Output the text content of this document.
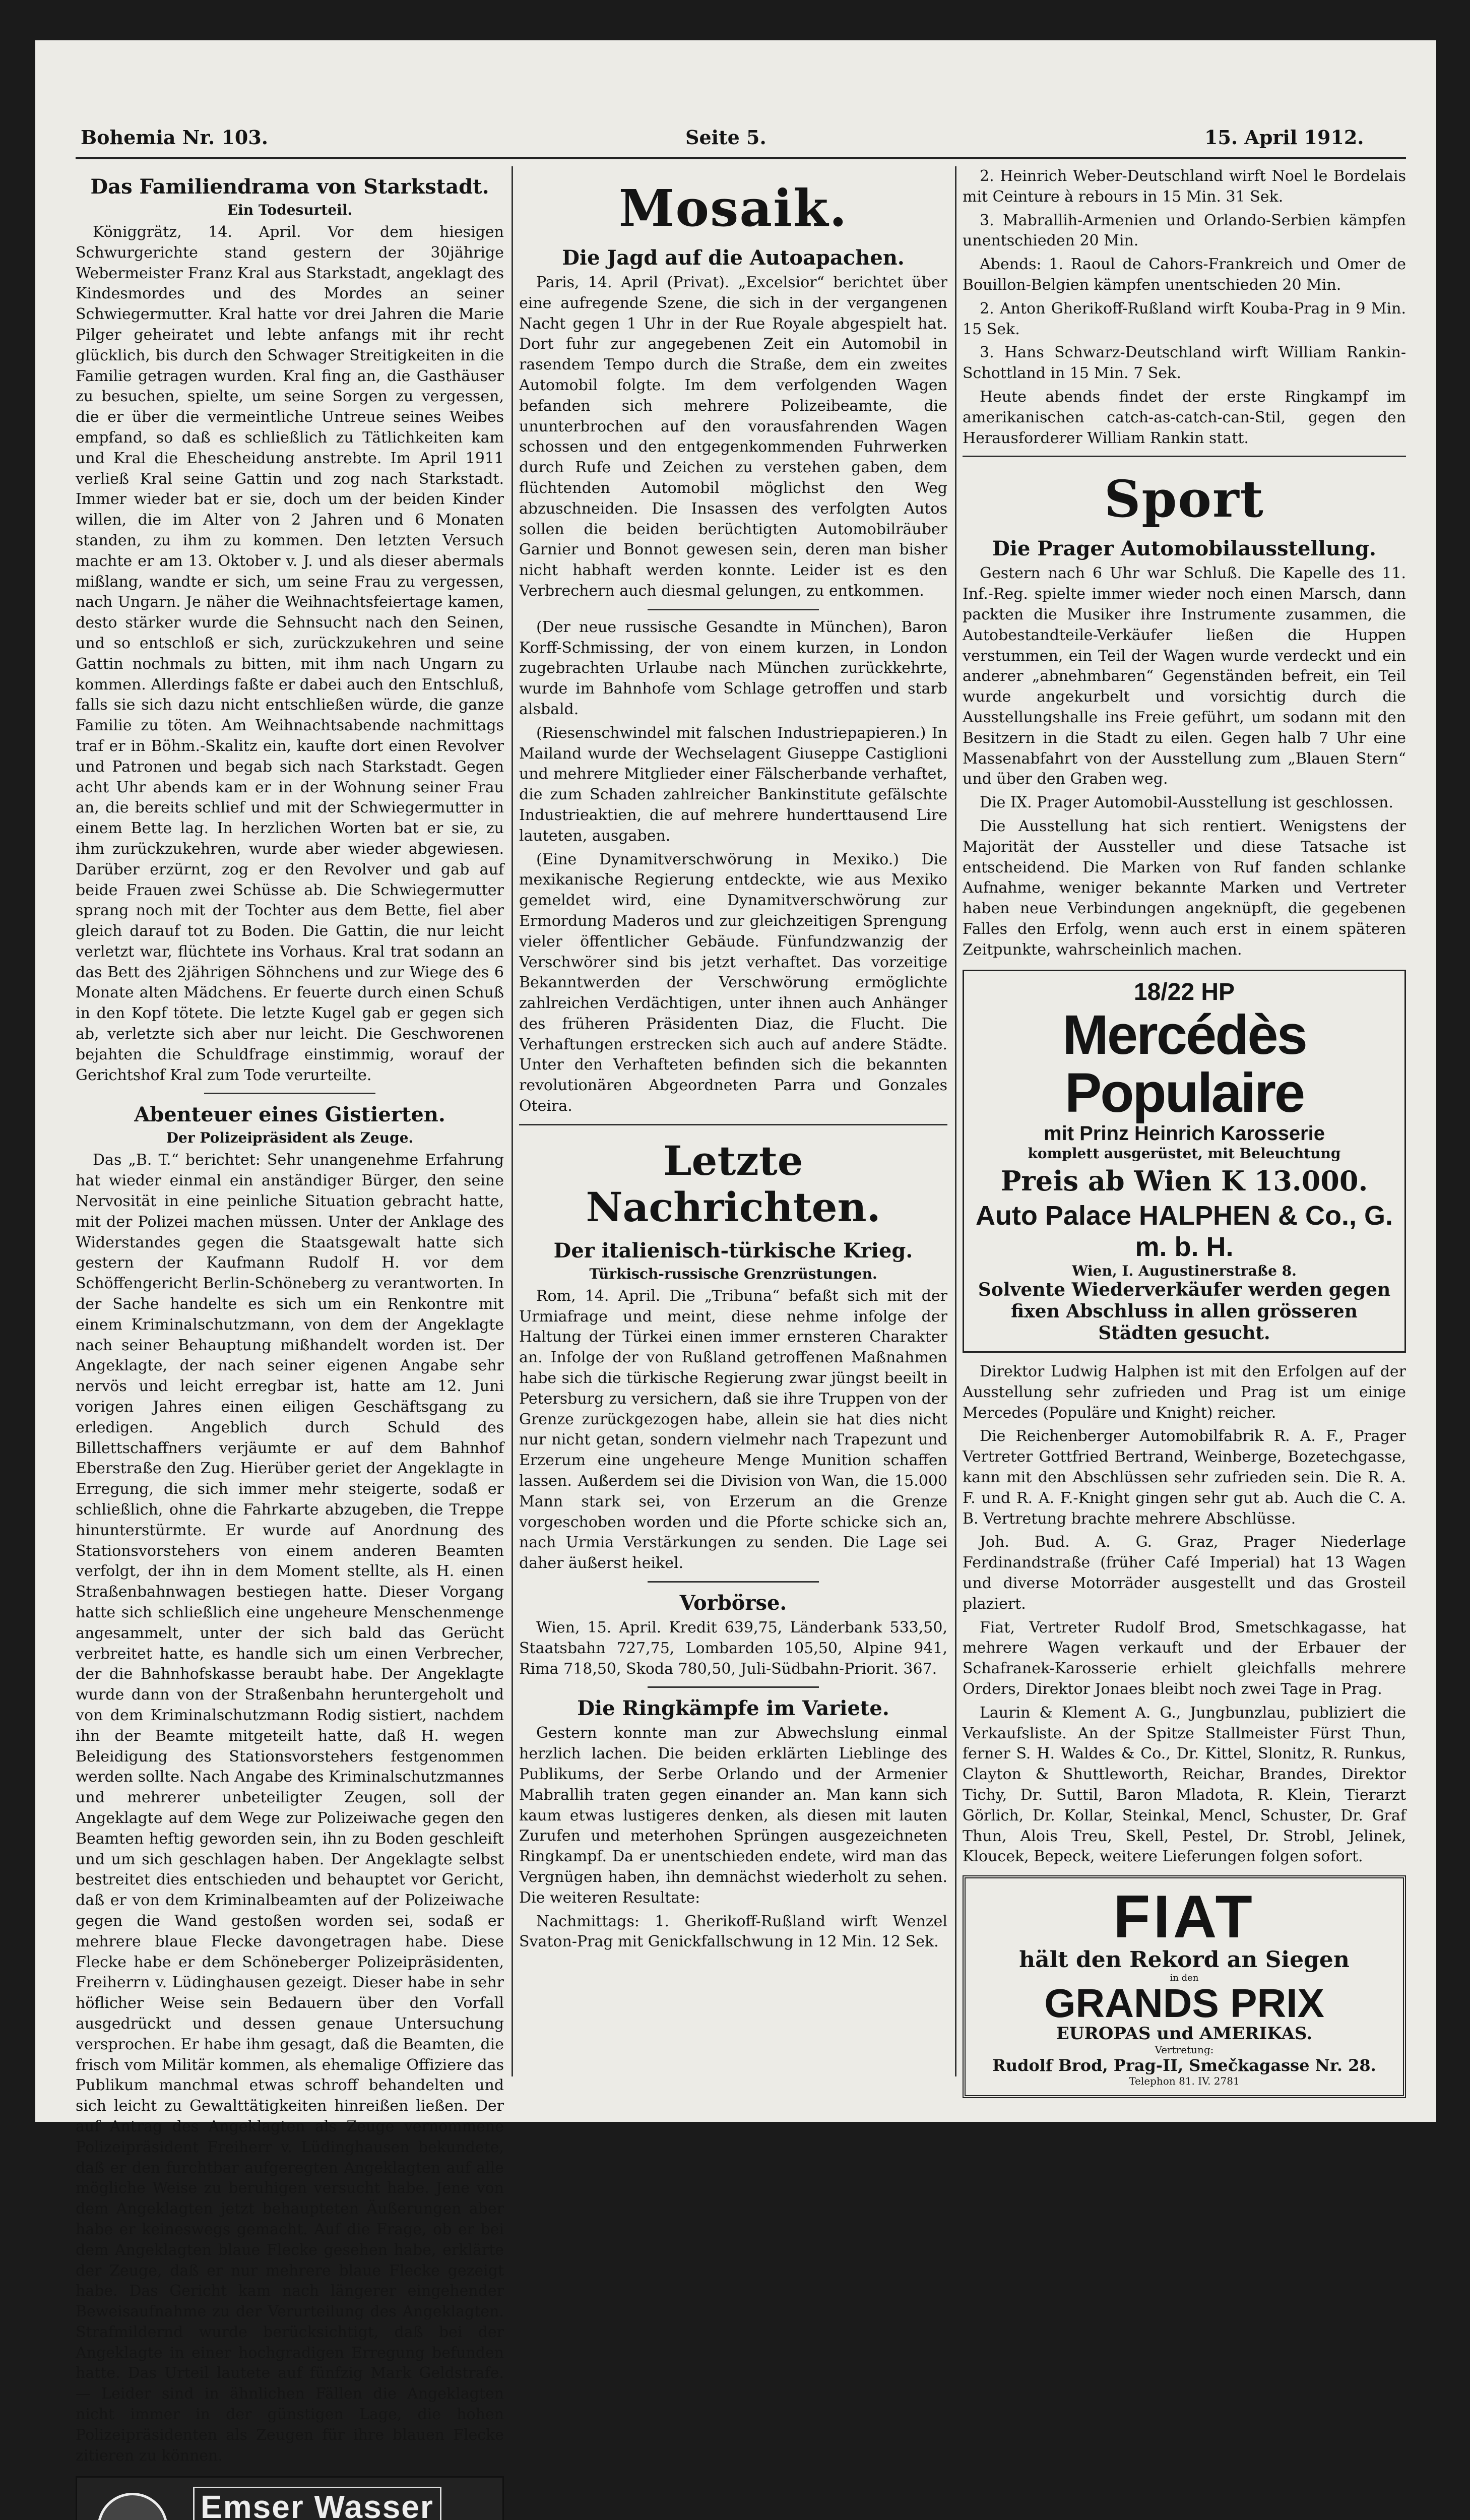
Bohemia Nr. 103.	Seite 5.	15. April 1912.
Das Familiendrama von Starkstadt.
Ein Todesurteil.

Königgrätz, 14. April. Vor dem hiesigen Schwurgerichte stand gestern der 30jährige Webermeister Franz Kral aus Starkstadt, angeklagt des Kindesmordes und des Mordes an seiner Schwiegermutter. Kral hatte vor drei Jahren die Marie Pilger geheiratet und lebte anfangs mit ihr recht glücklich, bis durch den Schwager Streitigkeiten in die Familie getragen wurden. Kral fing an, die Gasthäuser zu besuchen, spielte, um seine Sorgen zu vergessen, die er über die vermeintliche Untreue seines Weibes empfand, so daß es schließlich zu Tätlichkeiten kam und Kral die Ehescheidung anstrebte. Im April 1911 verließ Kral seine Gattin und zog nach Starkstadt. Immer wieder bat er sie, doch um der beiden Kinder willen, die im Alter von 2 Jahren und 6 Monaten standen, zu ihm zu kommen. Den letzten Versuch machte er am 13. Oktober v. J. und als dieser abermals mißlang, wandte er sich, um seine Frau zu vergessen, nach Ungarn. Je näher die Weihnachtsfeiertage kamen, desto stärker wurde die Sehnsucht nach den Seinen, und so entschloß er sich, zurückzukehren und seine Gattin nochmals zu bitten, mit ihm nach Ungarn zu kommen. Allerdings faßte er dabei auch den Entschluß, falls sie sich dazu nicht entschließen würde, die ganze Familie zu töten. Am Weihnachtsabende nachmittags traf er in Böhm.-Skalitz ein, kaufte dort einen Revolver und Patronen und begab sich nach Starkstadt. Gegen acht Uhr abends kam er in der Wohnung seiner Frau an, die bereits schlief und mit der Schwiegermutter in einem Bette lag. In herzlichen Worten bat er sie, zu ihm zurückzukehren, wurde aber wieder abgewiesen. Darüber erzürnt, zog er den Revolver und gab auf beide Frauen zwei Schüsse ab. Die Schwiegermutter sprang noch mit der Tochter aus dem Bette, fiel aber gleich darauf tot zu Boden. Die Gattin, die nur leicht verletzt war, flüchtete ins Vorhaus. Kral trat sodann an das Bett des 2jährigen Söhnchens und zur Wiege des 6 Monate alten Mädchens. Er feuerte durch einen Schuß in den Kopf tötete. Die letzte Kugel gab er gegen sich ab, verletzte sich aber nur leicht. Die Geschworenen bejahten die Schuldfrage einstimmig, worauf der Gerichtshof Kral zum Tode verurteilte.

Abenteuer eines Gistierten.
Der Polizeipräsident als Zeuge.

Das „B. T.“ berichtet: Sehr unangenehme Erfahrung hat wieder einmal ein anständiger Bürger, den seine Nervosität in eine peinliche Situation gebracht hatte, mit der Polizei machen müssen. Unter der Anklage des Widerstandes gegen die Staatsgewalt hatte sich gestern der Kaufmann Rudolf H. vor dem Schöffengericht Berlin-Schöneberg zu verantworten. In der Sache handelte es sich um ein Renkontre mit einem Kriminalschutzmann, von dem der Angeklagte nach seiner Behauptung mißhandelt worden ist. Der Angeklagte, der nach seiner eigenen Angabe sehr nervös und leicht erregbar ist, hatte am 12. Juni vorigen Jahres einen eiligen Geschäftsgang zu erledigen. Angeblich durch Schuld des Billettschaffners verjäumte er auf dem Bahnhof Eberstraße den Zug. Hierüber geriet der Angeklagte in Erregung, die sich immer mehr steigerte, sodaß er schließlich, ohne die Fahrkarte abzugeben, die Treppe hinunterstürmte. Er wurde auf Anordnung des Stationsvorstehers von einem anderen Beamten verfolgt, der ihn in dem Moment stellte, als H. einen Straßenbahnwagen bestiegen hatte. Dieser Vorgang hatte sich schließlich eine ungeheure Menschenmenge angesammelt, unter der sich bald das Gerücht verbreitet hatte, es handle sich um einen Verbrecher, der die Bahnhofskasse beraubt habe. Der Angeklagte wurde dann von der Straßenbahn heruntergeholt und von dem Kriminalschutzmann Rodig sistiert, nachdem ihn der Beamte mitgeteilt hatte, daß H. wegen Beleidigung des Stationsvorstehers festgenommen werden sollte. Nach Angabe des Kriminalschutzmannes und mehrerer unbeteiligter Zeugen, soll der Angeklagte auf dem Wege zur Polizeiwache gegen den Beamten heftig geworden sein, ihn zu Boden geschleift und um sich geschlagen haben. Der Angeklagte selbst bestreitet dies entschieden und behauptet vor Gericht, daß er von dem Kriminalbeamten auf der Polizeiwache gegen die Wand gestoßen worden sei, sodaß er mehrere blaue Flecke davongetragen habe. Diese Flecke habe er dem Schöneberger Polizeipräsidenten, Freiherrn v. Lüdinghausen gezeigt. Dieser habe in sehr höflicher Weise sein Bedauern über den Vorfall ausgedrückt und dessen genaue Untersuchung versprochen. Er habe ihm gesagt, daß die Beamten, die frisch vom Militär kommen, als ehemalige Offiziere das Publikum manchmal etwas schroff behandelten und sich leicht zu Gewalttätigkeiten hinreißen ließen. Der auf Antrag des Angeklagten als Zeuge vernommene Polizeipräsident Freiherr v. Lüdinghausen bekundete, daß er den furchtbar aufgeregten Angeklagten auf alle mögliche Weise zu beruhigen versucht habe. Jene von dem Angeklagten jetzt behaupteten Äußerungen aber habe er keineswegs gemacht. Auf die Frage, ob er bei dem Angeklagten blaue Flecke gesehen habe, erklärte der Zeuge, daß er nur mehrere blaue Flecke gezeigt habe. Das Gericht kam nach längerer eingehender Beweisaufnahme zu der Verurteilung des Angeklagten. Strafmildernd wurde berücksichtigt, daß bei der Angeklagte in einer hochgradigen Erregung befunden hatte. Das Urteil lautete auf fünfzig Mark Geldstrafe. — Leider sind in ähnlichen Fällen die Angeklagten nicht immer in der günstigen Lage, die hohen Polizeipräsidenten als Zeugen für ihre blauen Flecke zitieren zu können.

Emser Wasser
Mosaik.
Die Jagd auf die Autoapachen.

Paris, 14. April (Privat). „Excelsior“ berichtet über eine aufregende Szene, die sich in der vergangenen Nacht gegen 1 Uhr in der Rue Royale abgespielt hat. Dort fuhr zur angegebenen Zeit ein Automobil in rasendem Tempo durch die Straße, dem ein zweites Automobil folgte. Im dem verfolgenden Wagen befanden sich mehrere Polizeibeamte, die ununterbrochen auf den vorausfahrenden Wagen schossen und den entgegenkommenden Fuhrwerken durch Rufe und Zeichen zu verstehen gaben, dem flüchtenden Automobil möglichst den Weg abzuschneiden. Die Insassen des verfolgten Autos sollen die beiden berüchtigten Automobilräuber Garnier und Bonnot gewesen sein, deren man bisher nicht habhaft werden konnte. Leider ist es den Verbrechern auch diesmal gelungen, zu entkommen.

(Der neue russische Gesandte in München), Baron Korff-Schmissing, der von einem kurzen, in London zugebrachten Urlaube nach München zurückkehrte, wurde im Bahnhofe vom Schlage getroffen und starb alsbald.

(Riesenschwindel mit falschen Industriepapieren.) In Mailand wurde der Wechselagent Giuseppe Castiglioni und mehrere Mitglieder einer Fälscherbande verhaftet, die zum Schaden zahlreicher Bankinstitute gefälschte Industrieaktien, die auf mehrere hunderttausend Lire lauteten, ausgaben.

(Eine Dynamitverschwörung in Mexiko.) Die mexikanische Regierung entdeckte, wie aus Mexiko gemeldet wird, eine Dynamitverschwörung zur Ermordung Maderos und zur gleichzeitigen Sprengung vieler öffentlicher Gebäude. Fünfundzwanzig der Verschwörer sind bis jetzt verhaftet. Das vorzeitige Bekanntwerden der Verschwörung ermöglichte zahlreichen Verdächtigen, unter ihnen auch Anhänger des früheren Präsidenten Diaz, die Flucht. Die Verhaftungen erstrecken sich auch auf andere Städte. Unter den Verhafteten befinden sich die bekannten revolutionären Abgeordneten Parra und Gonzales Oteira.

Letzte Nachrichten.
Der italienisch-türkische Krieg.
Türkisch-russische Grenzrüstungen.

Rom, 14. April. Die „Tribuna“ befaßt sich mit der Urmiafrage und meint, diese nehme infolge der Haltung der Türkei einen immer ernsteren Charakter an. Infolge der von Rußland getroffenen Maßnahmen habe sich die türkische Regierung zwar jüngst beeilt in Petersburg zu versichern, daß sie ihre Truppen von der Grenze zurückgezogen habe, allein sie hat dies nicht nur nicht getan, sondern vielmehr nach Trapezunt und Erzerum eine ungeheure Menge Munition schaffen lassen. Außerdem sei die Division von Wan, die 15.000 Mann stark sei, von Erzerum an die Grenze vorgeschoben worden und die Pforte schicke sich an, nach Urmia Verstärkungen zu senden. Die Lage sei daher äußerst heikel.

Vorbörse.

Wien, 15. April. Kredit 639,75, Länderbank 533,50, Staatsbahn 727,75, Lombarden 105,50, Alpine 941, Rima 718,50, Skoda 780,50, Juli-Südbahn-Priorit. 367.

Die Ringkämpfe im Variete.

Gestern konnte man zur Abwechslung einmal herzlich lachen. Die beiden erklärten Lieblinge des Publikums, der Serbe Orlando und der Armenier Mabrallih traten gegen einander an. Man kann sich kaum etwas lustigeres denken, als diesen mit lauten Zurufen und meterhohen Sprüngen ausgezeichneten Ringkampf. Da er unentschieden endete, wird man das Vergnügen haben, ihn demnächst wiederholt zu sehen. Die weiteren Resultate:

Nachmittags: 1. Gherikoff-Rußland wirft Wenzel Svaton-Prag mit Genickfallschwung in 12 Min. 12 Sek.

2. Heinrich Weber-Deutschland wirft Noel le Bordelais mit Ceinture à rebours in 15 Min. 31 Sek.

3. Mabrallih-Armenien und Orlando-Serbien kämpfen unentschieden 20 Min.

Abends: 1. Raoul de Cahors-Frankreich und Omer de Bouillon-Belgien kämpfen unentschieden 20 Min.

2. Anton Gherikoff-Rußland wirft Kouba-Prag in 9 Min. 15 Sek.

3. Hans Schwarz-Deutschland wirft William Rankin-Schottland in 15 Min. 7 Sek.

Heute abends findet der erste Ringkampf im amerikanischen catch-as-catch-can-Stil, gegen den Herausforderer William Rankin statt.

Sport
Die Prager Automobilausstellung.

Gestern nach 6 Uhr war Schluß. Die Kapelle des 11. Inf.-Reg. spielte immer wieder noch einen Marsch, dann packten die Musiker ihre Instrumente zusammen, die Autobestandteile-Verkäufer ließen die Huppen verstummen, ein Teil der Wagen wurde verdeckt und ein anderer „abnehmbaren“ Gegenständen befreit, ein Teil wurde angekurbelt und vorsichtig durch die Ausstellungshalle ins Freie geführt, um sodann mit den Besitzern in die Stadt zu eilen. Gegen halb 7 Uhr eine Massenabfahrt von der Ausstellung zum „Blauen Stern“ und über den Graben weg.

Die IX. Prager Automobil-Ausstellung ist geschlossen.

Die Ausstellung hat sich rentiert. Wenigstens der Majorität der Aussteller und diese Tatsache ist entscheidend. Die Marken von Ruf fanden schlanke Aufnahme, weniger bekannte Marken und Vertreter haben neue Verbindungen angeknüpft, die gegebenen Falles den Erfolg, wenn auch erst in einem späteren Zeitpunkte, wahrscheinlich machen.

18/22 HP
Mercédès Populaire
mit Prinz Heinrich Karosserie
komplett ausgerüstet, mit Beleuchtung
Preis ab Wien K 13.000.
Auto Palace HALPHEN & Co., G. m. b. H.
Wien, I. Augustinerstraße 8.
Solvente Wiederverkäufer werden gegen fixen Abschluss in allen grösseren Städten gesucht.

Direktor Ludwig Halphen ist mit den Erfolgen auf der Ausstellung sehr zufrieden und Prag ist um einige Mercedes (Populäre und Knight) reicher.

Die Reichenberger Automobilfabrik R. A. F., Prager Vertreter Gottfried Bertrand, Weinberge, Bozetechgasse, kann mit den Abschlüssen sehr zufrieden sein. Die R. A. F. und R. A. F.-Knight gingen sehr gut ab. Auch die C. A. B. Vertretung brachte mehrere Abschlüsse.

Joh. Bud. A. G. Graz, Prager Niederlage Ferdinandstraße (früher Café Imperial) hat 13 Wagen und diverse Motorräder ausgestellt und das Grosteil plaziert.

Fiat, Vertreter Rudolf Brod, Smetschkagasse, hat mehrere Wagen verkauft und der Erbauer der Schafranek-Karosserie erhielt gleichfalls mehrere Orders, Direktor Jonaes bleibt noch zwei Tage in Prag.

Laurin & Klement A. G., Jungbunzlau, publiziert die Verkaufsliste. An der Spitze Stallmeister Fürst Thun, ferner S. H. Waldes & Co., Dr. Kittel, Slonitz, R. Runkus, Clayton & Shuttleworth, Reichar, Brandes, Direktor Tichy, Dr. Suttil, Baron Mladota, R. Klein, Tierarzt Görlich, Dr. Kollar, Steinkal, Mencl, Schuster, Dr. Graf Thun, Alois Treu, Skell, Pestel, Dr. Strobl, Jelinek, Kloucek, Bepeck, weitere Lieferungen folgen sofort.

FIAT
hält den Rekord an Siegen
in den
GRANDS PRIX
EUROPAS und AMERIKAS.
Vertretung:
Rudolf Brod, Prag-II, Smečkagasse Nr. 28.
Telephon 81. IV. 2781
